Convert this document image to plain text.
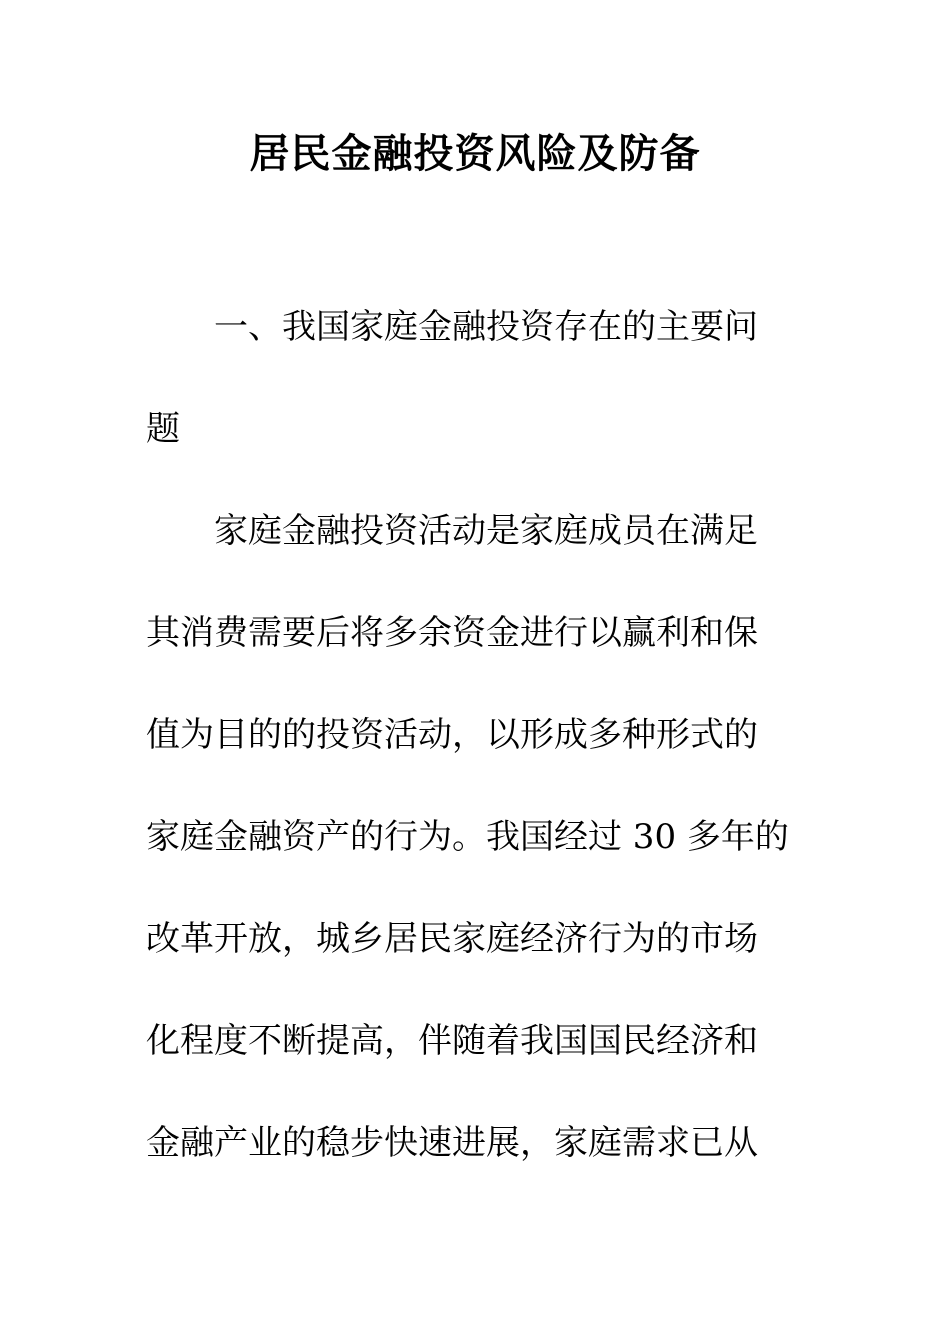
居民金融投资风险及防备
一、我国家庭金融投资存在的主要问
题
家庭金融投资活动是家庭成员在满足
其消费需要后将多余资金进行以赢利和保
值为目的的投资活动，以形成多种形式的
家庭金融资产的行为。我国经过 30 多年的
改革开放，城乡居民家庭经济行为的市场
化程度不断提高，伴随着我国国民经济和
金融产业的稳步快速进展，家庭需求已从
